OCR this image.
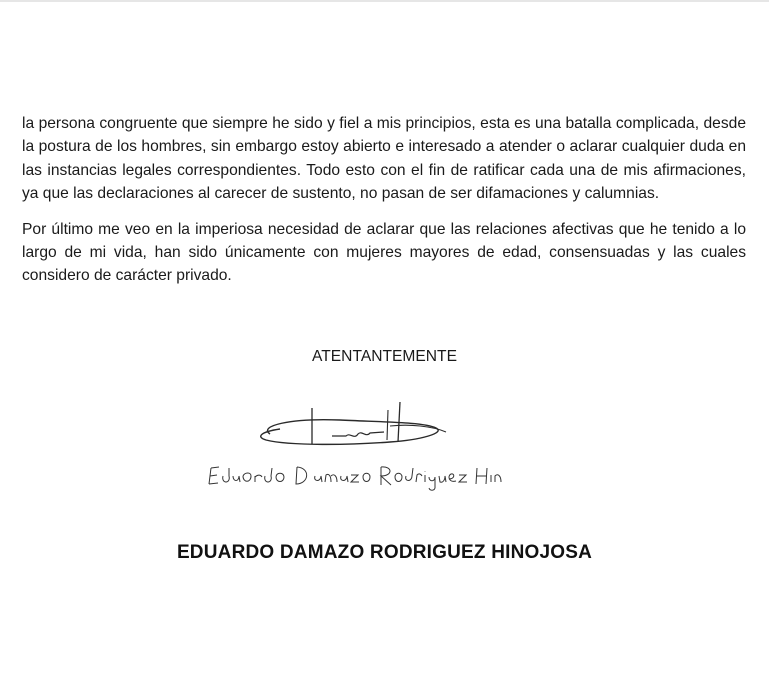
la persona congruente que siempre he sido y fiel a mis principios, esta es una batalla complicada, desde la postura de los hombres, sin embargo estoy abierto e interesado a atender o aclarar cualquier duda en las instancias legales correspondientes. Todo esto con el fin de ratificar cada una de mis afirmaciones, ya que las declaraciones al carecer de sustento, no pasan de ser difamaciones y calumnias.

Por último me veo en la imperiosa necesidad de aclarar que las relaciones afectivas que he tenido a lo largo de mi vida, han sido únicamente con mujeres mayores de edad, consensuadas y las cuales considero de carácter privado.

ATENTANTEMENTE
EDUARDO DAMAZO RODRIGUEZ HINOJOSA
